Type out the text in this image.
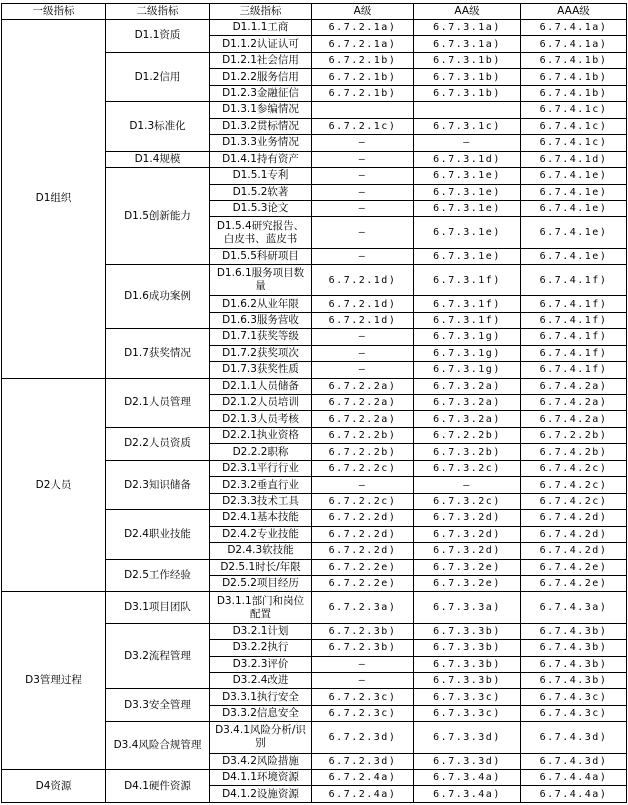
一级指标	二级指标	三级指标	A级	AA级	AAA级
D1组织	D1.1资质	D1.1.1工商	6.7.2.1a)	6.7.3.1a)	6.7.4.1a)
		D1.1.2认证认可	6.7.2.1a)	6.7.3.1a)	6.7.4.1a)
	D1.2信用	D1.2.1社会信用	6.7.2.1b)	6.7.3.1b)	6.7.4.1b)
		D1.2.2服务信用	6.7.2.1b)	6.7.3.1b)	6.7.4.1b)
		D1.2.3金融征信	6.7.2.1b)	6.7.3.1b)	6.7.4.1b)
	D1.3标准化	D1.3.1参编情况			6.7.4.1c)
		D1.3.2贯标情况	6.7.2.1c)	6.7.3.1c)	6.7.4.1c)
		D1.3.3业务情况	—	—	6.7.4.1c)
	D1.4规模	D1.4.1持有资产	—	6.7.3.1d)	6.7.4.1d)
	D1.5创新能力	D1.5.1专利	—	6.7.3.1e)	6.7.4.1e)
		D1.5.2软著	—	6.7.3.1e)	6.7.4.1e)
		D1.5.3论文	—	6.7.3.1e)	6.7.4.1e)
		D1.5.4研究报告、白皮书、蓝皮书	—	6.7.3.1e)	6.7.4.1e)
		D1.5.5科研项目	—	6.7.3.1e)	6.7.4.1e)
	D1.6成功案例	D1.6.1服务项目数量	6.7.2.1d)	6.7.3.1f)	6.7.4.1f)
		D1.6.2从业年限	6.7.2.1d)	6.7.3.1f)	6.7.4.1f)
		D1.6.3服务营收	6.7.2.1d)	6.7.3.1f)	6.7.4.1f)
	D1.7获奖情况	D1.7.1获奖等级	—	6.7.3.1g)	6.7.4.1f)
		D1.7.2获奖项次	—	6.7.3.1g)	6.7.4.1f)
		D1.7.3获奖性质	—	6.7.3.1g)	6.7.4.1f)
D2人员	D2.1人员管理	D2.1.1人员储备	6.7.2.2a)	6.7.3.2a)	6.7.4.2a)
		D2.1.2人员培训	6.7.2.2a)	6.7.3.2a)	6.7.4.2a)
		D2.1.3人员考核	6.7.2.2a)	6.7.3.2a)	6.7.4.2a)
	D2.2人员资质	D2.2.1执业资格	6.7.2.2b)	6.7.2.2b)	6.7.2.2b)
		D2.2.2职称	6.7.2.2b)	6.7.3.2b)	6.7.4.2b)
	D2.3知识储备	D2.3.1平行行业	6.7.2.2c)	6.7.3.2c)	6.7.4.2c)
		D2.3.2垂直行业	—	—	6.7.4.2c)
		D2.3.3技术工具	6.7.2.2c)	6.7.3.2c)	6.7.4.2c)
	D2.4职业技能	D2.4.1基本技能	6.7.2.2d)	6.7.3.2d)	6.7.4.2d)
		D2.4.2专业技能	6.7.2.2d)	6.7.3.2d)	6.7.4.2d)
		D2.4.3软技能	6.7.2.2d)	6.7.3.2d)	6.7.4.2d)
	D2.5工作经验	D2.5.1时长/年限	6.7.2.2e)	6.7.3.2e)	6.7.4.2e)
		D2.5.2项目经历	6.7.2.2e)	6.7.3.2e)	6.7.4.2e)
D3管理过程	D3.1项目团队	D3.1.1部门和岗位配置	6.7.2.3a)	6.7.3.3a)	6.7.4.3a)
	D3.2流程管理	D3.2.1计划	6.7.2.3b)	6.7.3.3b)	6.7.4.3b)
		D3.2.2执行	6.7.2.3b)	6.7.3.3b)	6.7.4.3b)
		D3.2.3评价	—	6.7.3.3b)	6.7.4.3b)
		D3.2.4改进	—	6.7.3.3b)	6.7.4.3b)
	D3.3安全管理	D3.3.1执行安全	6.7.2.3c)	6.7.3.3c)	6.7.4.3c)
		D3.3.2信息安全	6.7.2.3c)	6.7.3.3c)	6.7.4.3c)
	D3.4风险合规管理	D3.4.1风险分析/识别	6.7.2.3d)	6.7.3.3d)	6.7.4.3d)
		D3.4.2风险措施	6.7.2.3d)	6.7.3.3d)	6.7.4.3d)
D4资源	D4.1硬件资源	D4.1.1环境资源	6.7.2.4a)	6.7.3.4a)	6.7.4.4a)
		D4.1.2设施资源	6.7.2.4a)	6.7.3.4a)	6.7.4.4a)
